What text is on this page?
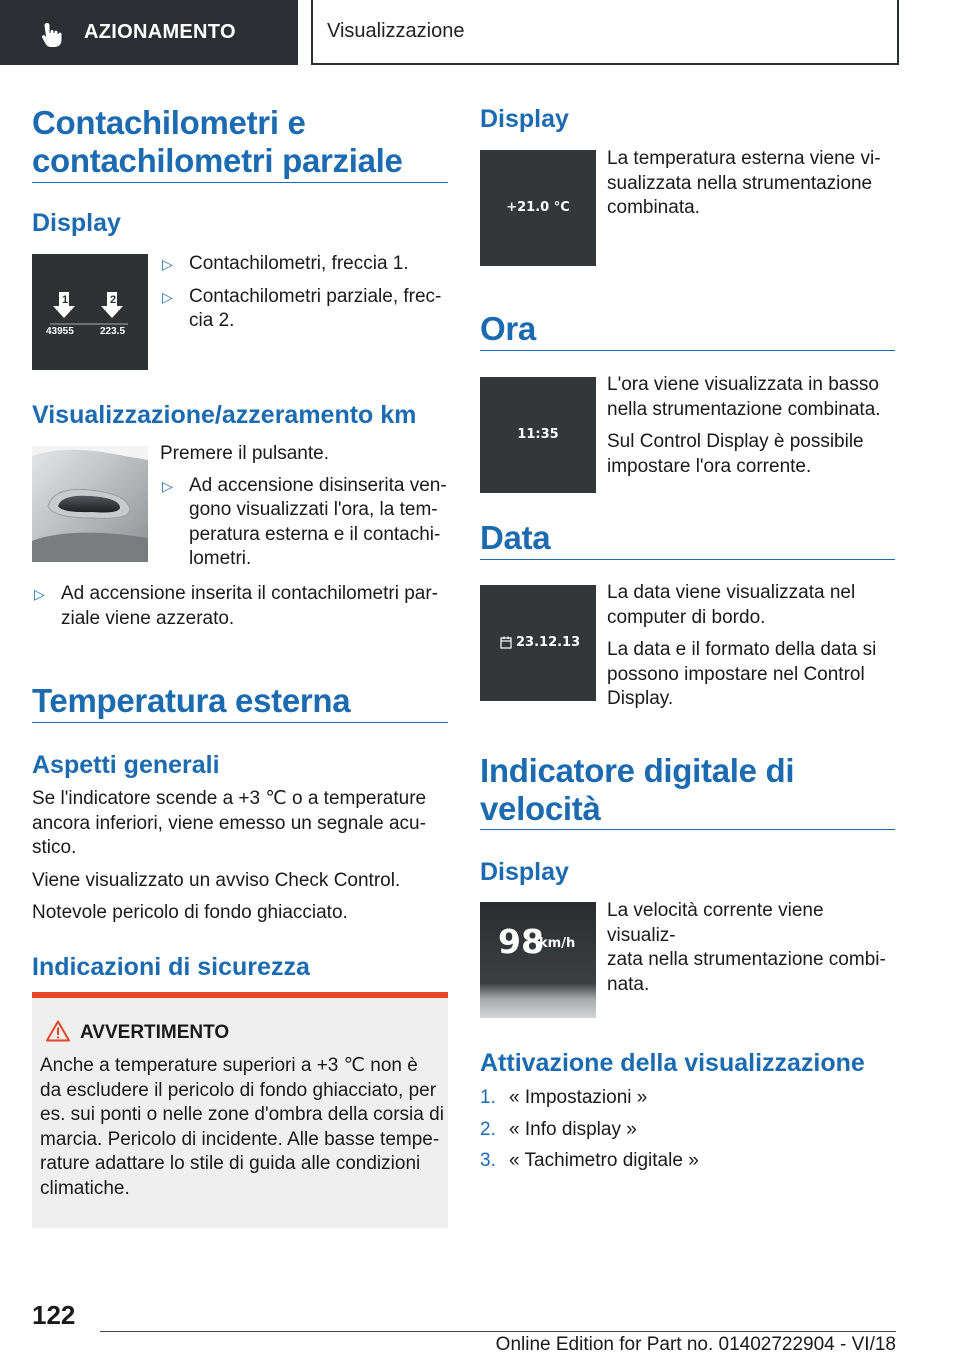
AZIONAMENTO	Visualizzazione
Contachilometri e
contachilometri parziale
Display
1	2
43955	223.5
▷ Contachilometri, freccia 1.
▷ Contachilometri parziale, frec-
cia 2.
Visualizzazione/azzeramento km

Premere il pulsante.

▷ Ad accensione disinserita ven-
gono visualizzati l'ora, la tem-
peratura esterna e il contachi-
lometri.
▷ Ad accensione inserita il contachilometri par-
ziale viene azzerato.
Temperatura esterna
Aspetti generali
Se l'indicatore scende a +3 ℃ o a temperature
ancora inferiori, viene emesso un segnale acu-
stico.
Viene visualizzato un avviso Check Control.
Notevole pericolo di fondo ghiacciato.
Indicazioni di sicurezza
AVVERTIMENTO
Anche a temperature superiori a +3 ℃ non è
da escludere il pericolo di fondo ghiacciato, per
es. sui ponti o nelle zone d'ombra della corsia di
marcia. Pericolo di incidente. Alle basse tempe-
rature adattare lo stile di guida alle condizioni
climatiche.
Display
+21.0 °C
La temperatura esterna viene vi-
sualizzata nella strumentazione
combinata.
Ora
11:35
L'ora viene visualizzata in basso
nella strumentazione combinata.
Sul Control Display è possibile
impostare l'ora corrente.
Data
23.12.13
La data viene visualizzata nel
computer di bordo.
La data e il formato della data si
possono impostare nel Control
Display.
Indicatore digitale di
velocità
Display
98
km/h
La velocità corrente viene visualiz-
zata nella strumentazione combi-
nata.
Attivazione della visualizzazione
1. « Impostazioni »
2. « Info display »
3. « Tachimetro digitale »
122
Online Edition for Part no. 01402722904 - VI/18
